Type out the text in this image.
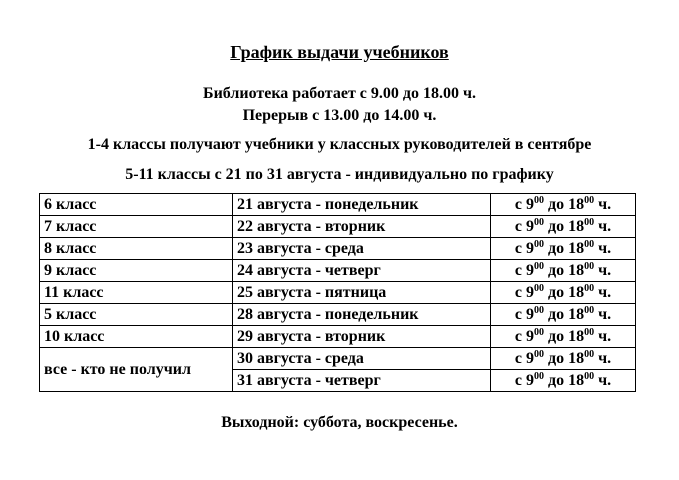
График выдачи учебников
Библиотека работает с 9.00 до 18.00 ч.
Перерыв с 13.00 до 14.00 ч.
1-4 классы получают учебники у классных руководителей в сентябре
5-11 классы с 21 по 31 августа - индивидуально по графику
6 класс	21 августа - понедельник	с $9^{00}$ до $18^{00}$ ч.
7 класс	22 августа - вторник	с $9^{00}$ до $18^{00}$ ч.
8 класс	23 августа - среда	с $9^{00}$ до $18^{00}$ ч.
9 класс	24 августа - четверг	с $9^{00}$ до $18^{00}$ ч.
11 класс	25 августа - пятница	с $9^{00}$ до $18^{00}$ ч.
5 класс	28 августа - понедельник	с $9^{00}$ до $18^{00}$ ч.
10 класс	29 августа - вторник	с $9^{00}$ до $18^{00}$ ч.
все - кто не получил	30 августа - среда	с $9^{00}$ до $18^{00}$ ч.
	31 августа - четверг	с $9^{00}$ до $18^{00}$ ч.
Выходной: суббота, воскресенье.
